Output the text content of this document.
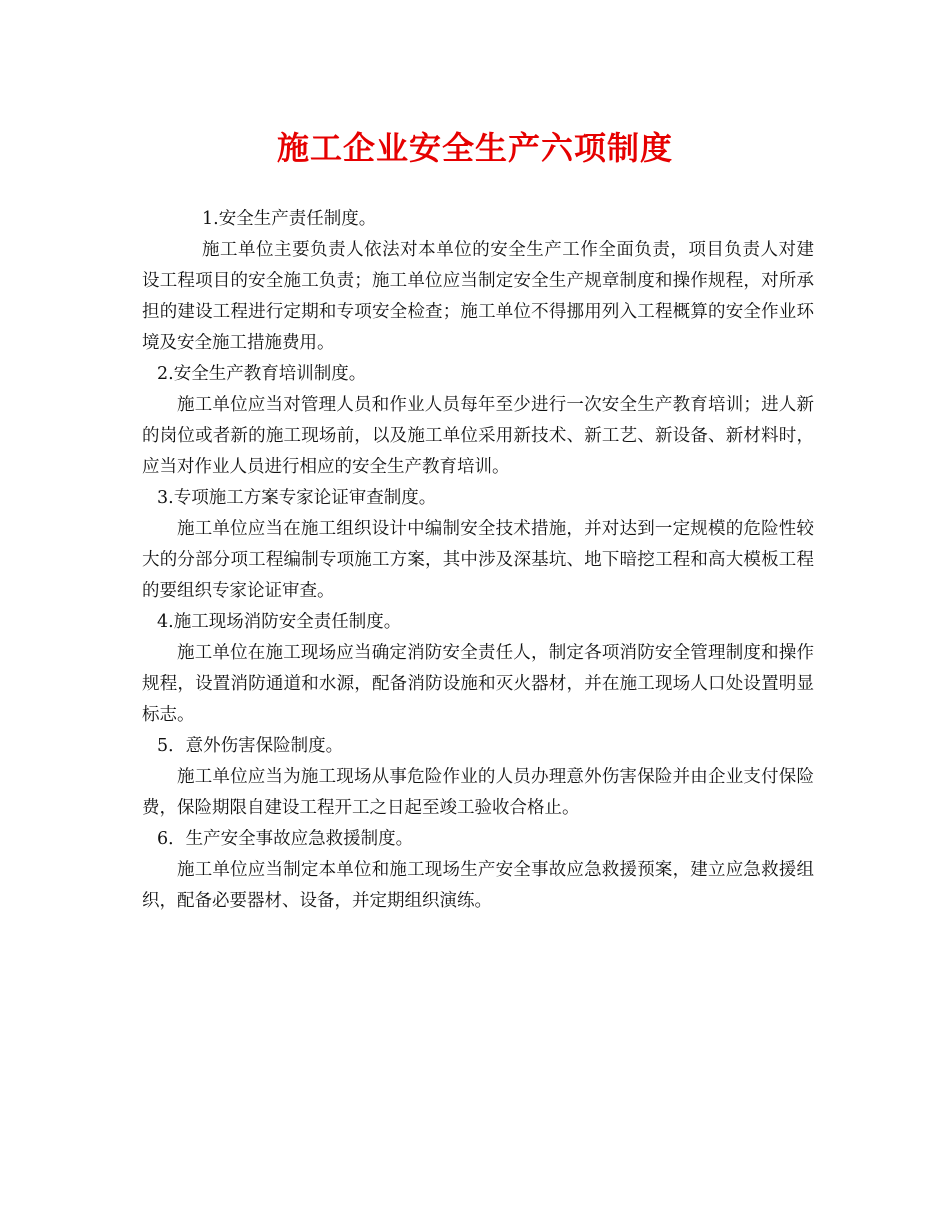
施工企业安全生产六项制度

1.安全生产责任制度。

施工单位主要负责人依法对本单位的安全生产工作全面负责，项目负责人对建设工程项目的安全施工负责；施工单位应当制定安全生产规章制度和操作规程，对所承担的建设工程进行定期和专项安全检查；施工单位不得挪用列入工程概算的安全作业环境及安全施工措施费用。

2.安全生产教育培训制度。

施工单位应当对管理人员和作业人员每年至少进行一次安全生产教育培训；进人新的岗位或者新的施工现场前，以及施工单位采用新技术、新工艺、新设备、新材料时，应当对作业人员进行相应的安全生产教育培训。

3.专项施工方案专家论证审查制度。

施工单位应当在施工组织设计中编制安全技术措施，并对达到一定规模的危险性较大的分部分项工程编制专项施工方案，其中涉及深基坑、地下暗挖工程和高大模板工程的要组织专家论证审查。

4.施工现场消防安全责任制度。

施工单位在施工现场应当确定消防安全责任人，制定各项消防安全管理制度和操作规程，设置消防通道和水源，配备消防设施和灭火器材，并在施工现场人口处设置明显标志。

5．意外伤害保险制度。

施工单位应当为施工现场从事危险作业的人员办理意外伤害保险并由企业支付保险费，保险期限自建设工程开工之日起至竣工验收合格止。

6．生产安全事故应急救援制度。

施工单位应当制定本单位和施工现场生产安全事故应急救援预案，建立应急救援组织，配备必要器材、设备，并定期组织演练。
